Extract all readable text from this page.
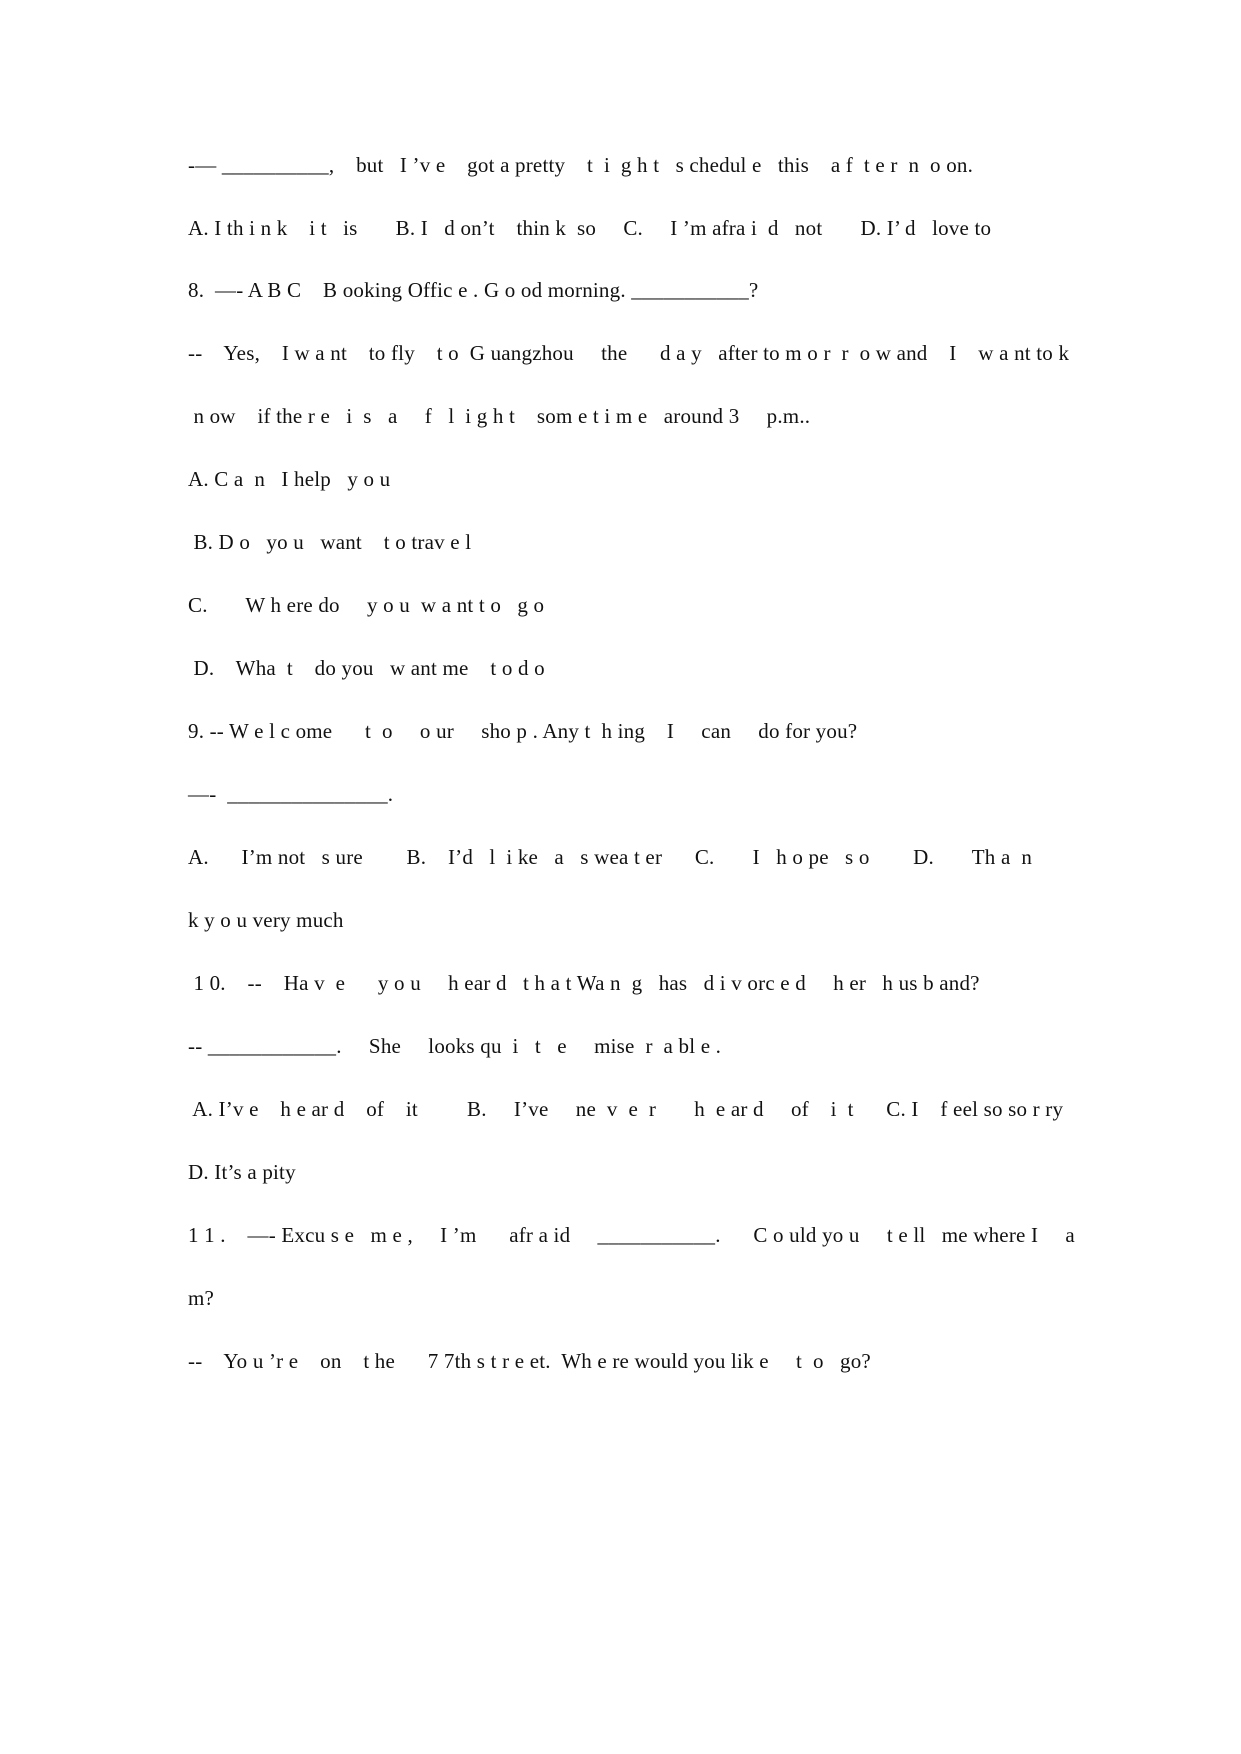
-— __________,    but   I ’v e    got a pretty    t  i  g h t   s chedul e   this    a f  t e r  n  o on.
A. I th i n k    i t   is       B. I   d on’t    thin k  so     C.     I ’m afra i  d   not       D. I’ d   love to
8.  —- A B C    B ooking Offic e . G o od morning. ___________?
--    Yes,    I w a nt    to fly    t o  G uangzhou     the      d a y   after to m o r  r  o w and    I    w a nt to k
n ow    if the r e   i  s   a     f   l  i g h t    som e t i m e   around 3     p.m..
A. C a  n   I help   y o u
B. D o   yo u   want    t o trav e l
C.       W h ere do     y o u  w a nt t o   g o
D.    Wha  t    do you   w ant me    t o d o
9. -- W e l c ome      t  o     o ur     sho p . Any t  h ing    I     can     do for you?
—-  _______________.
A.      I’m not   s ure        B.    I’d   l  i ke   a   s wea t er      C.       I   h o pe   s o        D.       Th a  n
k y o u very much
1 0.    --    Ha v  e      y o u     h ear d   t h a t Wa n  g   has   d i v orc e d     h er   h us b and?
-- ____________.     She     looks qu  i   t   e     mise  r  a bl e .
A. I’v e    h e ar d    of    it         B.     I’ve     ne  v  e  r       h  e ar d     of    i  t      C. I    f eel so so r ry
D. It’s a pity
1 1 .    —- Excu s e   m e ,     I ’m      afr a id     ___________.      C o uld yo u     t e ll   me where I     a
m?
--    Yo u ’r e    on    t he      7 7th s t r e et.  Wh e re would you lik e     t  o   go?
